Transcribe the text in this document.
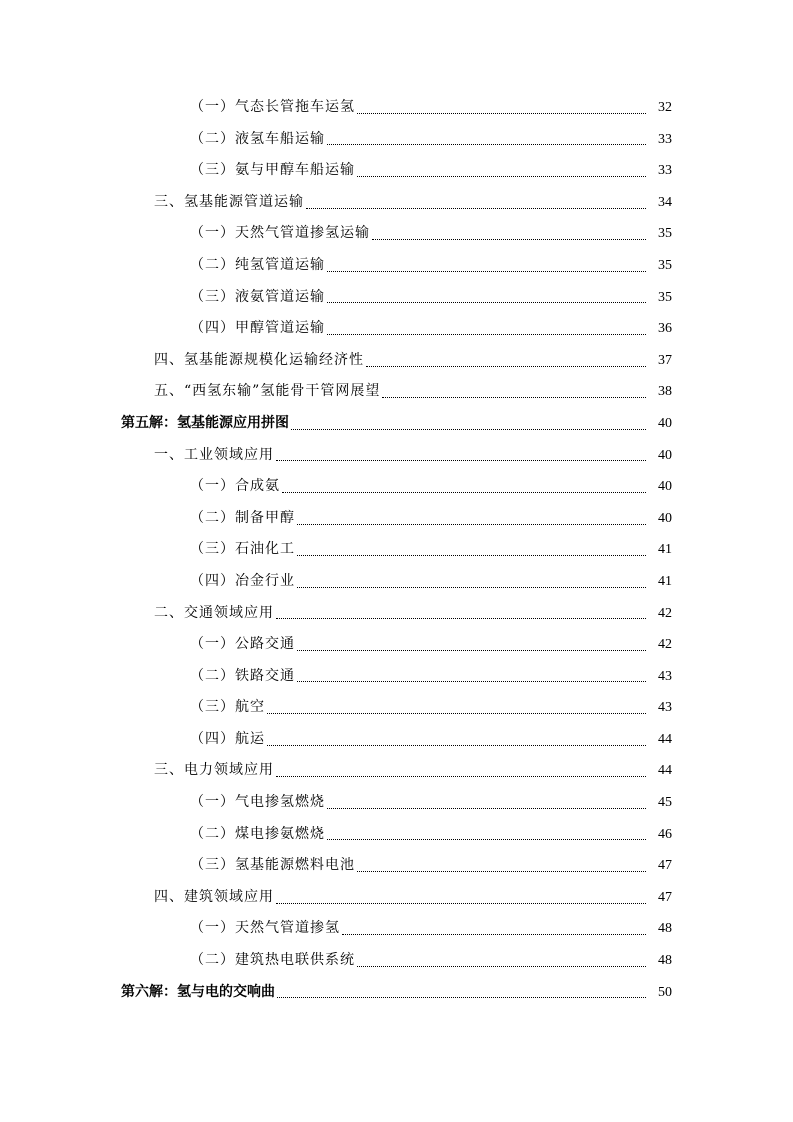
（一）气态长管拖车运氢	32
（二）液氢车船运输	33
（三）氨与甲醇车船运输	33
三、氢基能源管道运输	34
（一）天然气管道掺氢运输	35
（二）纯氢管道运输	35
（三）液氨管道运输	35
（四）甲醇管道运输	36
四、氢基能源规模化运输经济性	37
五、“西氢东输”氢能骨干管网展望	38
第五解：氢基能源应用拼图	40
一、工业领域应用	40
（一）合成氨	40
（二）制备甲醇	40
（三）石油化工	41
（四）冶金行业	41
二、交通领域应用	42
（一）公路交通	42
（二）铁路交通	43
（三）航空	43
（四）航运	44
三、电力领域应用	44
（一）气电掺氢燃烧	45
（二）煤电掺氨燃烧	46
（三）氢基能源燃料电池	47
四、建筑领域应用	47
（一）天然气管道掺氢	48
（二）建筑热电联供系统	48
第六解：氢与电的交响曲	50
